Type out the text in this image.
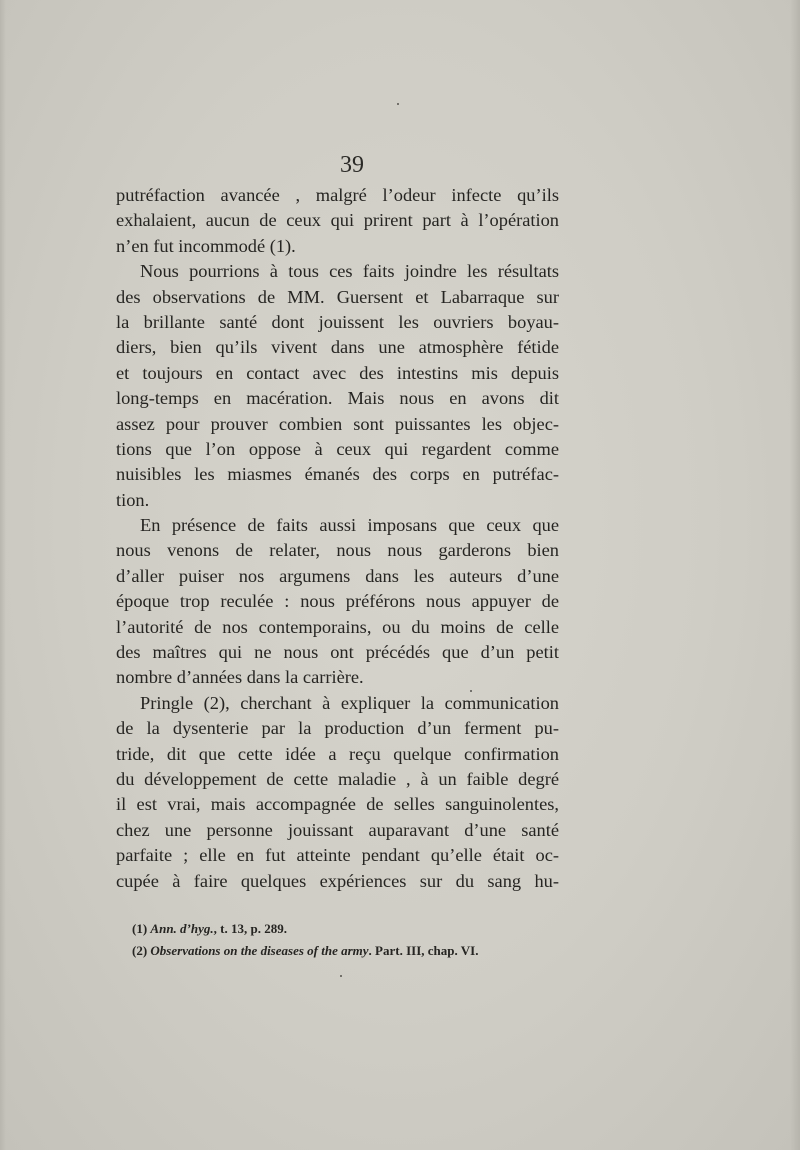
39
putréfaction avancée , malgré l’odeur infecte qu’ils
exhalaient, aucun de ceux qui prirent part à l’opération
n’en fut incommodé (1).
Nous pourrions à tous ces faits joindre les résultats
des observations de MM. Guersent et Labarraque sur
la brillante santé dont jouissent les ouvriers boyau-
diers, bien qu’ils vivent dans une atmosphère fétide
et toujours en contact avec des intestins mis depuis
long-temps en macération. Mais nous en avons dit
assez pour prouver combien sont puissantes les objec-
tions que l’on oppose à ceux qui regardent comme
nuisibles les miasmes émanés des corps en putréfac-
tion.
En présence de faits aussi imposans que ceux que
nous venons de relater, nous nous garderons bien
d’aller puiser nos argumens dans les auteurs d’une
époque trop reculée : nous préférons nous appuyer de
l’autorité de nos contemporains, ou du moins de celle
des maîtres qui ne nous ont précédés que d’un petit
nombre d’années dans la carrière.
Pringle (2), cherchant à expliquer la communication
de la dysenterie par la production d’un ferment pu-
tride, dit que cette idée a reçu quelque confirmation
du développement de cette maladie , à un faible degré
il est vrai, mais accompagnée de selles sanguinolentes,
chez une personne jouissant auparavant d’une santé
parfaite ; elle en fut atteinte pendant qu’elle était oc-
cupée à faire quelques expériences sur du sang hu-
(1) Ann. d’hyg., t. 13, p. 289.
(2) Observations on the diseases of the army. Part. III, chap. VI.
